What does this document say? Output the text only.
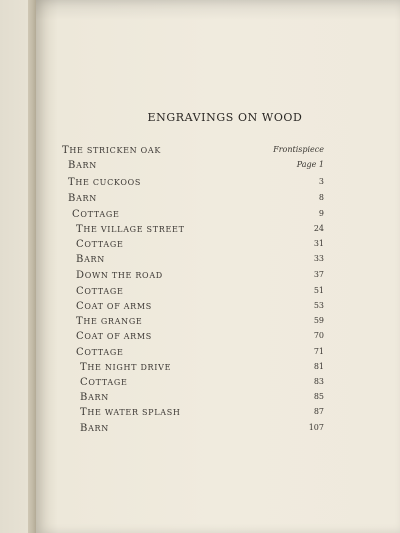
ENGRAVINGS ON WOOD
THE STRICKEN OAK	Frontispiece
BARN	Page 1
THE CUCKOOS	3
BARN	8
COTTAGE	9
THE VILLAGE STREET	24
COTTAGE	31
BARN	33
DOWN THE ROAD	37
COTTAGE	51
COAT OF ARMS	53
THE GRANGE	59
COAT OF ARMS	70
COTTAGE	71
THE NIGHT DRIVE	81
COTTAGE	83
BARN	85
THE WATER SPLASH	87
BARN	107
